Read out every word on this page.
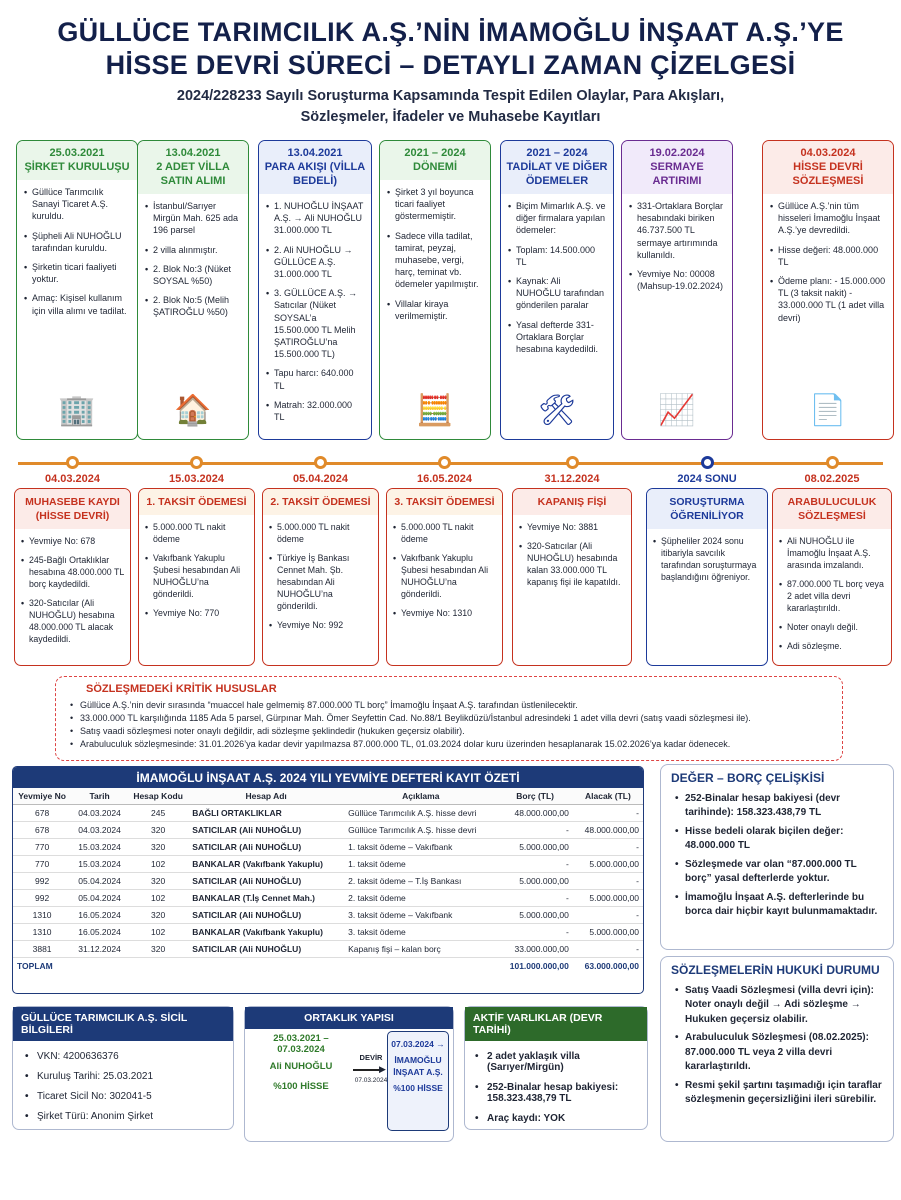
GÜLLÜCE TARIMCILIK A.Ş.’NİN İMAMOĞLU İNŞAAT A.Ş.’YE
HİSSE DEVRİ SÜRECİ – DETAYLI ZAMAN ÇİZELGESİ
2024/228233 Sayılı Soruşturma Kapsamında Tespit Edilen Olaylar, Para Akışları,
Sözleşmeler, İfadeler ve Muhasebe Kayıtları
25.03.2021
ŞİRKET KURULUŞU
• Güllüce Tarımcılık Sanayi Ticaret A.Ş. kuruldu.
• Şüpheli Ali NUHOĞLU tarafından kuruldu.
• Şirketin ticari faaliyeti yoktur.
• Amaç: Kişisel kullanım için villa alımı ve tadilat.
🏢
13.04.2021
2 ADET VİLLA SATIN ALIMI
• İstanbul/Sarıyer Mirgün Mah. 625 ada 196 parsel
• 2 villa alınmıştır.
• 2. Blok No:3 (Nüket SOYSAL %50)
• 2. Blok No:5 (Melih ŞATIROĞLU %50)
🏠
13.04.2021
PARA AKIŞI (VİLLA BEDELİ)
• 1. NUHOĞLU İNŞAAT A.Ş. → Ali NUHOĞLU 31.000.000 TL
• 2. Ali NUHOĞLU → GÜLLÜCE A.Ş. 31.000.000 TL
• 3. GÜLLÜCE A.Ş. → Satıcılar (Nüket SOYSAL’a 15.500.000 TL Melih ŞATIROĞLU’na 15.500.000 TL)
• Tapu harcı: 640.000 TL
• Matrah: 32.000.000 TL
2021 – 2024
DÖNEMİ
• Şirket 3 yıl boyunca ticari faaliyet göstermemiştir.
• Sadece villa tadilat, tamirat, peyzaj, muhasebe, vergi, harç, teminat vb. ödemeler yapılmıştır.
• Villalar kiraya verilmemiştir.
🧮
2021 – 2024
TADİLAT VE DİĞER ÖDEMELER
• Biçim Mimarlık A.Ş. ve diğer firmalara yapılan ödemeler:
• Toplam: 14.500.000 TL
• Kaynak: Ali NUHOĞLU tarafından gönderilen paralar
• Yasal defterde 331-Ortaklara Borçlar hesabına kaydedildi.
🛠
19.02.2024
SERMAYE ARTIRIMI
• 331-Ortaklara Borçlar hesabındaki biriken 46.737.500 TL sermaye artırımında kullanıldı.
• Yevmiye No: 00008 (Mahsup-19.02.2024)
📈
04.03.2024
HİSSE DEVRİ SÖZLEŞMESİ
• Güllüce A.Ş.’nin tüm hisseleri İmamoğlu İnşaat A.Ş.’ye devredildi.
• Hisse değeri: 48.000.000 TL
• Ödeme planı: - 15.000.000 TL (3 taksit nakit) - 33.000.000 TL (1 adet villa devri)
📄
04.03.2024	15.03.2024	05.04.2024	16.05.2024	31.12.2024	2024 SONU	08.02.2025
MUHASEBE KAYDI (HİSSE DEVRİ)
• Yevmiye No: 678
• 245-Bağlı Ortaklıklar hesabına 48.000.000 TL borç kaydedildi.
• 320-Satıcılar (Ali NUHOĞLU) hesabına 48.000.000 TL alacak kaydedildi.
1. TAKSİT ÖDEMESİ
• 5.000.000 TL nakit ödeme
• Vakıfbank Yakuplu Şubesi hesabından Ali NUHOĞLU’na gönderildi.
• Yevmiye No: 770
2. TAKSİT ÖDEMESİ
• 5.000.000 TL nakit ödeme
• Türkiye İş Bankası Cennet Mah. Şb. hesabından Ali NUHOĞLU’na gönderildi.
• Yevmiye No: 992
3. TAKSİT ÖDEMESİ
• 5.000.000 TL nakit ödeme
• Vakıfbank Yakuplu Şubesi hesabından Ali NUHOĞLU’na gönderildi.
• Yevmiye No: 1310
KAPANIŞ FİŞİ
• Yevmiye No: 3881
• 320-Satıcılar (Ali NUHOĞLU) hesabında kalan 33.000.000 TL kapanış fişi ile kapatıldı.
SORUŞTURMA ÖĞRENİLİYOR
• Şüpheliler 2024 sonu itibariyla savcılık tarafından soruşturmaya başlandığını öğreniyor.
ARABULUCULUK SÖZLEŞMESİ
• Ali NUHOĞLU ile İmamoğlu İnşaat A.Ş. arasında imzalandı.
• 87.000.000 TL borç veya 2 adet villa devri kararlaştırıldı.
• Noter onaylı değil.
• Adi sözleşme.
SÖZLEŞMEDEKİ KRİTİK HUSUSLAR
• Güllüce A.Ş.’nin devir sırasında “muaccel hale gelmemiş 87.000.000 TL borç” İmamoğlu İnşaat A.Ş. tarafından üstlenilecektir.
• 33.000.000 TL karşılığında 1185 Ada 5 parsel, Gürpınar Mah. Ömer Seyfettin Cad. No.88/1 Beylikdüzü/İstanbul adresindeki 1 adet villa devri (satış vaadi sözleşmesi ile).
• Satış vaadi sözleşmesi noter onaylı değildir, adi sözleşme şeklindedir (hukuken geçersiz olabilir).
• Arabuluculuk sözleşmesinde: 31.01.2026’ya kadar devir yapılmazsa 87.000.000 TL, 01.03.2024 dolar kuru üzerinden hesaplanarak 15.02.2026’ya kadar ödenecek.
İMAMOĞLU İNŞAAT A.Ş. 2024 YILI YEVMİYE DEFTERİ KAYIT ÖZETİ
Yevmiye No	Tarih	Hesap Kodu	Hesap Adı	Açıklama	Borç (TL)	Alacak (TL)
678	04.03.2024	245	BAĞLI ORTAKLIKLAR	Güllüce Tarımcılık A.Ş. hisse devri	48.000.000,00	-
678	04.03.2024	320	SATICILAR (Ali NUHOĞLU)	Güllüce Tarımcılık A.Ş. hisse devri	-	48.000.000,00
770	15.03.2024	320	SATICILAR (Ali NUHOĞLU)	1. taksit ödeme – Vakıfbank	5.000.000,00	-
770	15.03.2024	102	BANKALAR (Vakıfbank Yakuplu)	1. taksit ödeme	-	5.000.000,00
992	05.04.2024	320	SATICILAR (Ali NUHOĞLU)	2. taksit ödeme – T.İş Bankası	5.000.000,00	-
992	05.04.2024	102	BANKALAR (T.İş Cennet Mah.)	2. taksit ödeme	-	5.000.000,00
1310	16.05.2024	320	SATICILAR (Ali NUHOĞLU)	3. taksit ödeme – Vakıfbank	5.000.000,00	-
1310	16.05.2024	102	BANKALAR (Vakıfbank Yakuplu)	3. taksit ödeme	-	5.000.000,00
3881	31.12.2024	320	SATICILAR (Ali NUHOĞLU)	Kapanış fişi – kalan borç	33.000.000,00	-
TOPLAM					101.000.000,00	63.000.000,00
DEĞER – BORÇ ÇELİŞKİSİ
• 252-Binalar hesap bakiyesi (devr tarihinde): 158.323.438,79 TL
• Hisse bedeli olarak biçilen değer: 48.000.000 TL
• Sözleşmede var olan “87.000.000 TL borç” yasal defterlerde yoktur.
• İmamoğlu İnşaat A.Ş. defterlerinde bu borca dair hiçbir kayıt bulunmamaktadır.
SÖZLEŞMELERİN HUKUKİ DURUMU
• Satış Vaadi Sözleşmesi (villa devri için): Noter onaylı değil → Adi sözleşme → Hukuken geçersiz olabilir.
• Arabuluculuk Sözleşmesi (08.02.2025): 87.000.000 TL veya 2 villa devri kararlaştırıldı.
• Resmi şekil şartını taşımadığı için taraflar sözleşmenin geçersizliğini ileri sürebilir.
GÜLLÜCE TARIMCILIK A.Ş. SİCİL BİLGİLERİ
• VKN: 4200636376
• Kuruluş Tarihi: 25.03.2021
• Ticaret Sicil No: 302041-5
• Şirket Türü: Anonim Şirket
ORTAKLIK YAPISI
25.03.2021 – 07.03.2024
Ali NUHOĞLU
%100 HİSSE
DEVİR
▶
07.03.2024
07.03.2024 →
İMAMOĞLU İNŞAAT A.Ş.
%100 HİSSE
AKTİF VARLIKLAR (DEVR TARİHİ)
• 2 adet yaklaşık villa (Sarıyer/Mirgün)
• 252-Binalar hesap bakiyesi: 158.323.438,79 TL
• Araç kaydı: YOK
